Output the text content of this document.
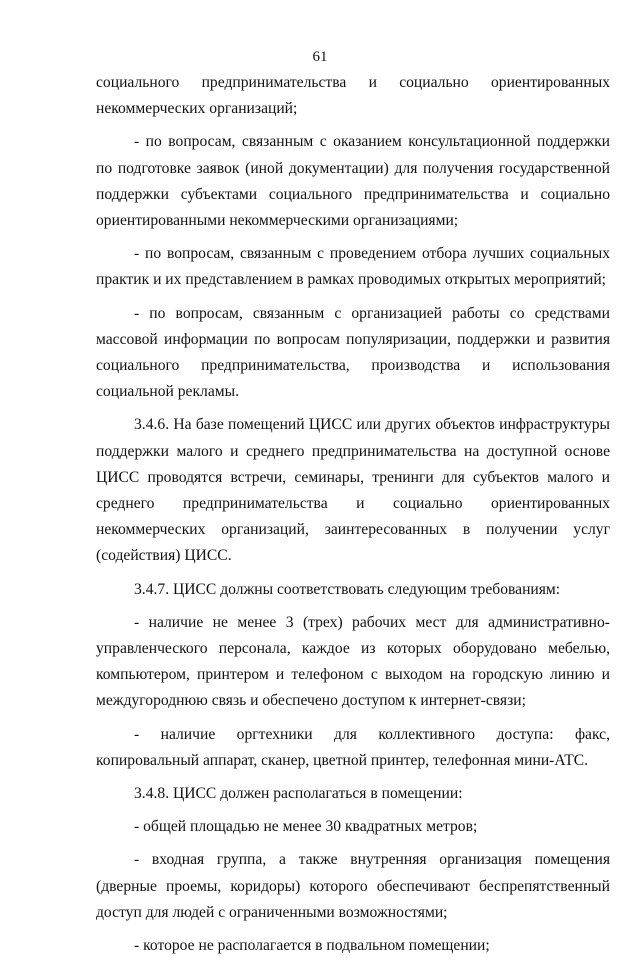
61

социального предпринимательства и социально ориентированных некоммерческих организаций;

- по вопросам, связанным с оказанием консультационной поддержки по подготовке заявок (иной документации) для получения государственной поддержки субъектами социального предпринимательства и социально ориентированными некоммерческими организациями;

- по вопросам, связанным с проведением отбора лучших социальных практик и их представлением в рамках проводимых открытых мероприятий;

- по вопросам, связанным с организацией работы со средствами массовой информации по вопросам популяризации, поддержки и развития социального предпринимательства, производства и использования социальной рекламы.

3.4.6. На базе помещений ЦИСС или других объектов инфраструктуры поддержки малого и среднего предпринимательства на доступной основе ЦИСС проводятся встречи, семинары, тренинги для субъектов малого и среднего предпринимательства и социально ориентированных некоммерческих организаций, заинтересованных в получении услуг (содействия) ЦИСС.

3.4.7. ЦИСС должны соответствовать следующим требованиям:

- наличие не менее 3 (трех) рабочих мест для административно-управленческого персонала, каждое из которых оборудовано мебелью, компьютером, принтером и телефоном с выходом на городскую линию и междугороднюю связь и обеспечено доступом к интернет-связи;

- наличие оргтехники для коллективного доступа: факс, копировальный аппарат, сканер, цветной принтер, телефонная мини-АТС.

3.4.8. ЦИСС должен располагаться в помещении:

- общей площадью не менее 30 квадратных метров;

- входная группа, а также внутренняя организация помещения (дверные проемы, коридоры) которого обеспечивают беспрепятственный доступ для людей с ограниченными возможностями;

- которое не располагается в подвальном помещении;
